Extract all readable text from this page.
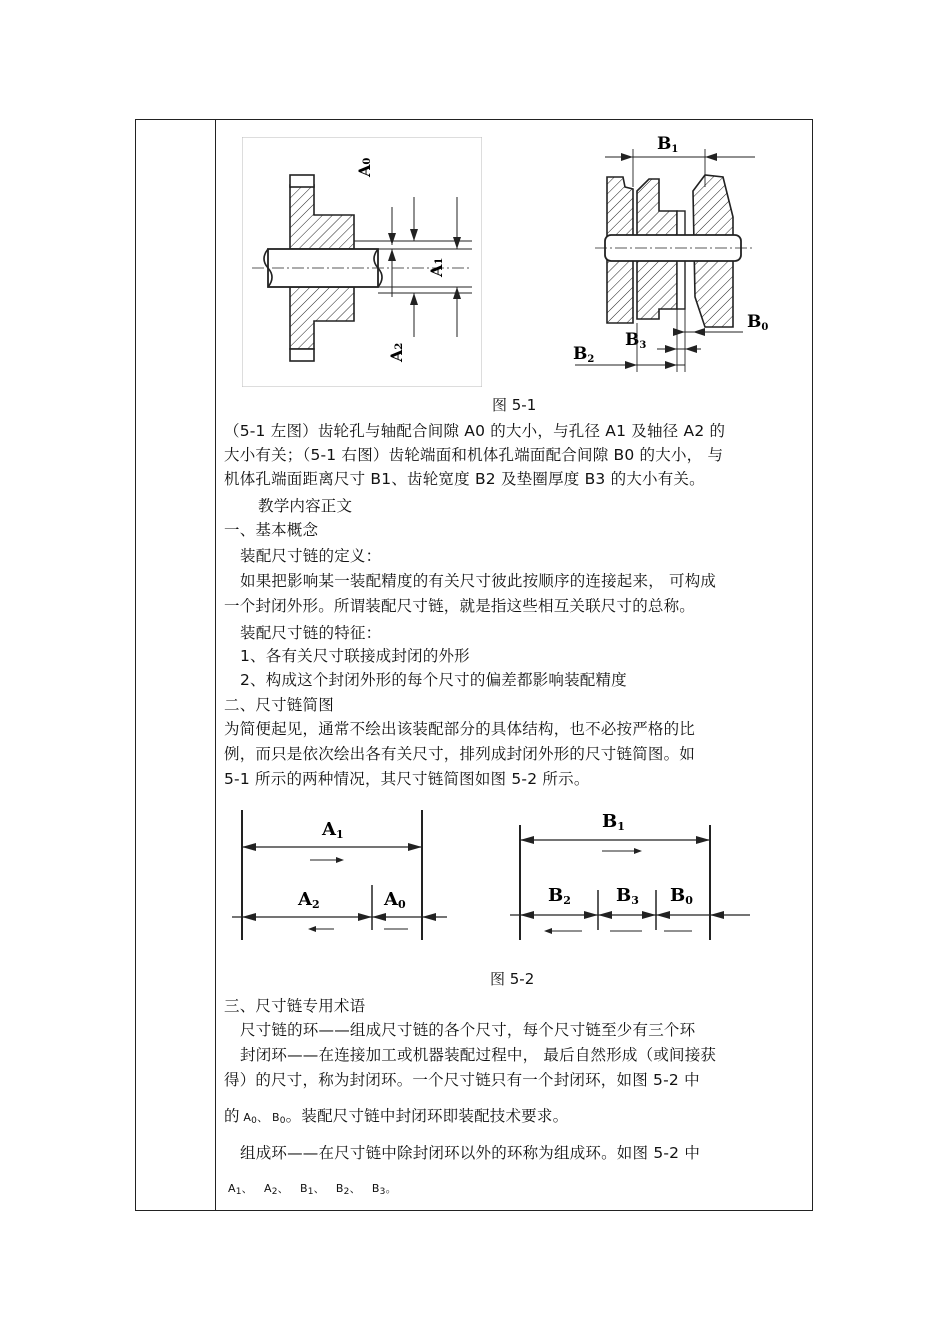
A0
A1
A2
B1
B0
B3
B2
图 5-1
（5-1 左图）齿轮孔与轴配合间隙 A0 的大小，与孔径 A1 及轴径 A2 的
大小有关；（5-1 右图）齿轮端面和机体孔端面配合间隙 B0 的大小， 与
机体孔端面距离尺寸 B1、齿轮宽度 B2 及垫圈厚度 B3 的大小有关。
教学内容正文
一、基本概念
装配尺寸链的定义：
如果把影响某一装配精度的有关尺寸彼此按顺序的连接起来， 可构成
一个封闭外形。所谓装配尺寸链，就是指这些相互关联尺寸的总称。
装配尺寸链的特征：
1、各有关尺寸联接成封闭的外形
2、构成这个封闭外形的每个尺寸的偏差都影响装配精度
二、尺寸链简图
为简便起见，通常不绘出该装配部分的具体结构，也不必按严格的比
例，而只是依次绘出各有关尺寸，排列成封闭外形的尺寸链简图。如
5-1 所示的两种情况，其尺寸链简图如图 5-2 所示。
A1
A2	A0
B1
B2	B3 B0
图 5-2
三、尺寸链专用术语
尺寸链的环——组成尺寸链的各个尺寸，每个尺寸链至少有三个环
封闭环——在连接加工或机器装配过程中， 最后自然形成（或间接获
得）的尺寸，称为封闭环。一个尺寸链只有一个封闭环，如图 5-2 中
的 $A_0$、 $B_0$。装配尺寸链中封闭环即装配技术要求。
组成环——在尺寸链中除封闭环以外的环称为组成环。如图 5-2 中
$A_1$、 $A_2$、 $B_1$、 $B_2$、 $B_3$。
